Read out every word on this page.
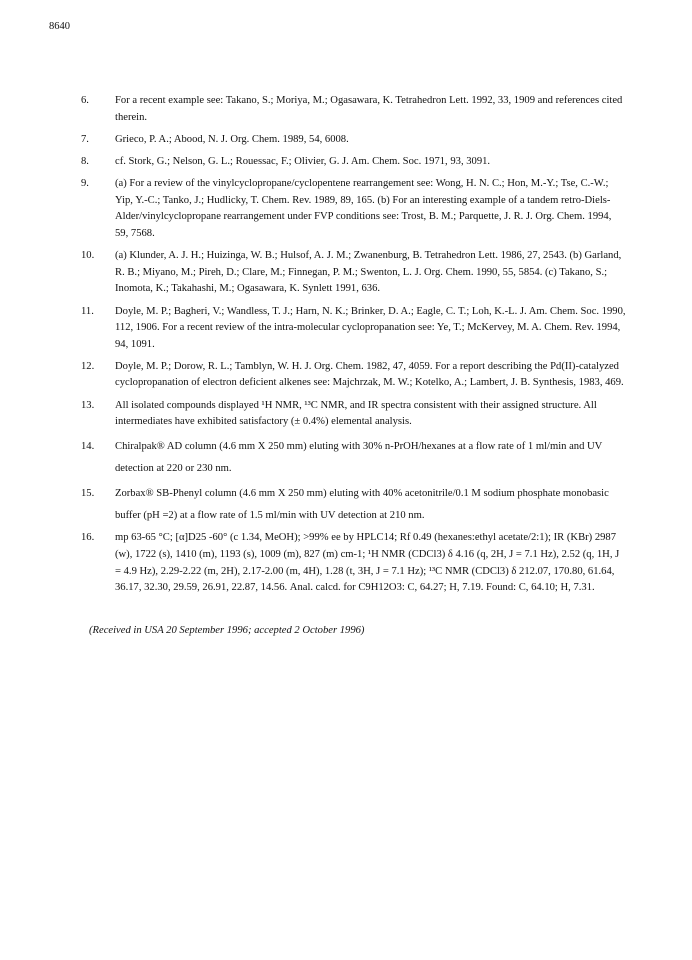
8640
6.	For a recent example see: Takano, S.; Moriya, M.; Ogasawara, K. Tetrahedron Lett. 1992, 33, 1909 and references cited therein.
7.	Grieco, P. A.; Abood, N. J. Org. Chem. 1989, 54, 6008.
8.	cf. Stork, G.; Nelson, G. L.; Rouessac, F.; Olivier, G. J. Am. Chem. Soc. 1971, 93, 3091.
9.	(a) For a review of the vinylcyclopropane/cyclopentene rearrangement see: Wong, H. N. C.; Hon, M.-Y.; Tse, C.-W.; Yip, Y.-C.; Tanko, J.; Hudlicky, T. Chem. Rev. 1989, 89, 165. (b) For an interesting example of a tandem retro-Diels-Alder/vinylcyclopropane rearrangement under FVP conditions see: Trost, B. M.; Parquette, J. R. J. Org. Chem. 1994, 59, 7568.
10.	(a) Klunder, A. J. H.; Huizinga, W. B.; Hulsof, A. J. M.; Zwanenburg, B. Tetrahedron Lett. 1986, 27, 2543. (b) Garland, R. B.; Miyano, M.; Pireh, D.; Clare, M.; Finnegan, P. M.; Swenton, L. J. Org. Chem. 1990, 55, 5854. (c) Takano, S.; Inomota, K.; Takahashi, M.; Ogasawara, K. Synlett 1991, 636.
11.	Doyle, M. P.; Bagheri, V.; Wandless, T. J.; Harn, N. K.; Brinker, D. A.; Eagle, C. T.; Loh, K.-L. J. Am. Chem. Soc. 1990, 112, 1906. For a recent review of the intra-molecular cyclopropanation see: Ye, T.; McKervey, M. A. Chem. Rev. 1994, 94, 1091.
12.	Doyle, M. P.; Dorow, R. L.; Tamblyn, W. H. J. Org. Chem. 1982, 47, 4059. For a report describing the Pd(II)-catalyzed cyclopropanation of electron deficient alkenes see: Majchrzak, M. W.; Kotelko, A.; Lambert, J. B. Synthesis, 1983, 469.
13.	All isolated compounds displayed ¹H NMR, ¹³C NMR, and IR spectra consistent with their assigned structure. All intermediates have exhibited satisfactory (± 0.4%) elemental analysis.
14.	Chiralpak® AD column (4.6 mm X 250 mm) eluting with 30% n-PrOH/hexanes at a flow rate of 1 ml/min and UV detection at 220 or 230 nm.
15.	Zorbax® SB-Phenyl column (4.6 mm X 250 mm) eluting with 40% acetonitrile/0.1 M sodium phosphate monobasic buffer (pH =2) at a flow rate of 1.5 ml/min with UV detection at 210 nm.
16.	mp 63-65 °C; [α]D25 -60° (c 1.34, MeOH); >99% ee by HPLC14; Rf 0.49 (hexanes:ethyl acetate/2:1); IR (KBr) 2987 (w), 1722 (s), 1410 (m), 1193 (s), 1009 (m), 827 (m) cm-1; ¹H NMR (CDCl3) δ 4.16 (q, 2H, J = 7.1 Hz), 2.52 (q, 1H, J = 4.9 Hz), 2.29-2.22 (m, 2H), 2.17-2.00 (m, 4H), 1.28 (t, 3H, J = 7.1 Hz); ¹³C NMR (CDCl3) δ 212.07, 170.80, 61.64, 36.17, 32.30, 29.59, 26.91, 22.87, 14.56. Anal. calcd. for C9H12O3: C, 64.27; H, 7.19. Found: C, 64.10; H, 7.31.
(Received in USA 20 September 1996; accepted 2 October 1996)
